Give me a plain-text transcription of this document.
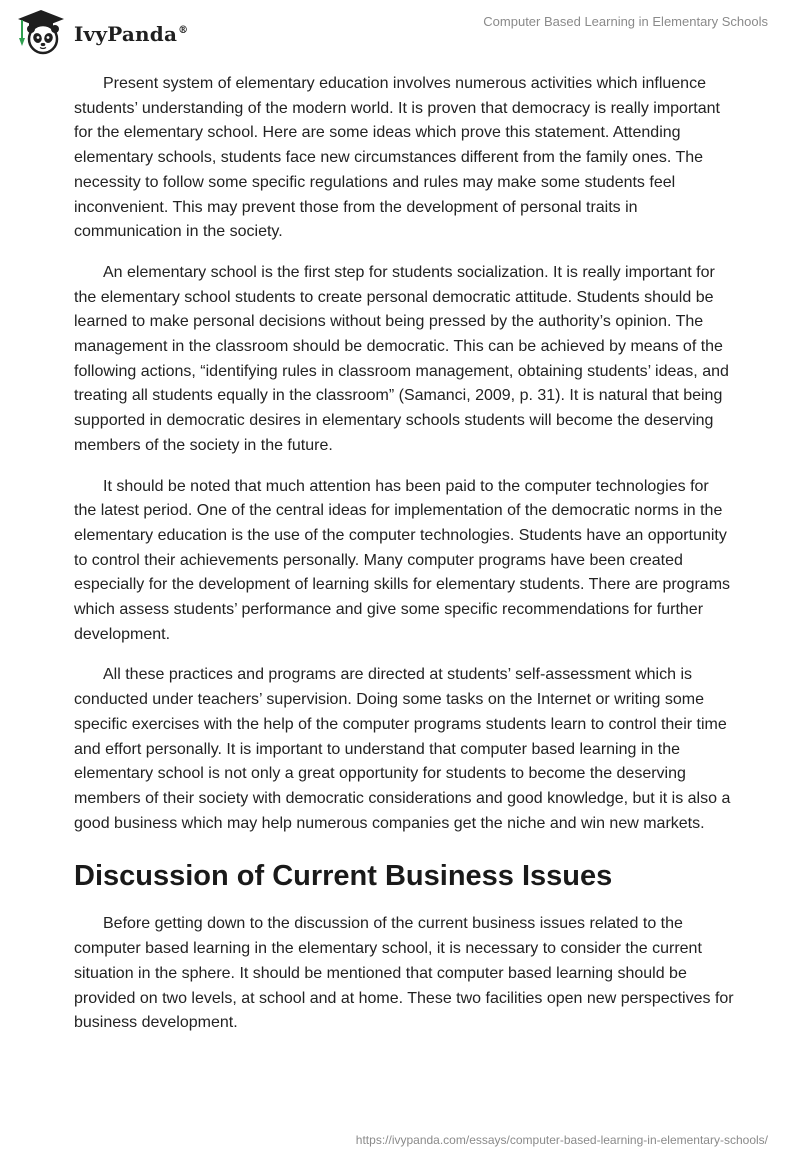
IvyPanda®
Computer Based Learning in Elementary Schools

Present system of elementary education involves numerous activities which influence students’ understanding of the modern world. It is proven that democracy is really important for the elementary school. Here are some ideas which prove this statement. Attending elementary schools, students face new circumstances different from the family ones. The necessity to follow some specific regulations and rules may make some students feel inconvenient. This may prevent those from the development of personal traits in communication in the society.

An elementary school is the first step for students socialization. It is really important for the elementary school students to create personal democratic attitude. Students should be learned to make personal decisions without being pressed by the authority’s opinion. The management in the classroom should be democratic. This can be achieved by means of the following actions, “identifying rules in classroom management, obtaining students’ ideas, and treating all students equally in the classroom” (Samanci, 2009, p. 31). It is natural that being supported in democratic desires in elementary schools students will become the deserving members of the society in the future.

It should be noted that much attention has been paid to the computer technologies for the latest period. One of the central ideas for implementation of the democratic norms in the elementary education is the use of the computer technologies. Students have an opportunity to control their achievements personally. Many computer programs have been created especially for the development of learning skills for elementary students. There are programs which assess students’ performance and give some specific recommendations for further development.

All these practices and programs are directed at students’ self-assessment which is conducted under teachers’ supervision. Doing some tasks on the Internet or writing some specific exercises with the help of the computer programs students learn to control their time and effort personally. It is important to understand that computer based learning in the elementary school is not only a great opportunity for students to become the deserving members of their society with democratic considerations and good knowledge, but it is also a good business which may help numerous companies get the niche and win new markets.

Discussion of Current Business Issues

Before getting down to the discussion of the current business issues related to the computer based learning in the elementary school, it is necessary to consider the current situation in the sphere. It should be mentioned that computer based learning should be provided on two levels, at school and at home. These two facilities open new perspectives for business development.

https://ivypanda.com/essays/computer-based-learning-in-elementary-schools/
